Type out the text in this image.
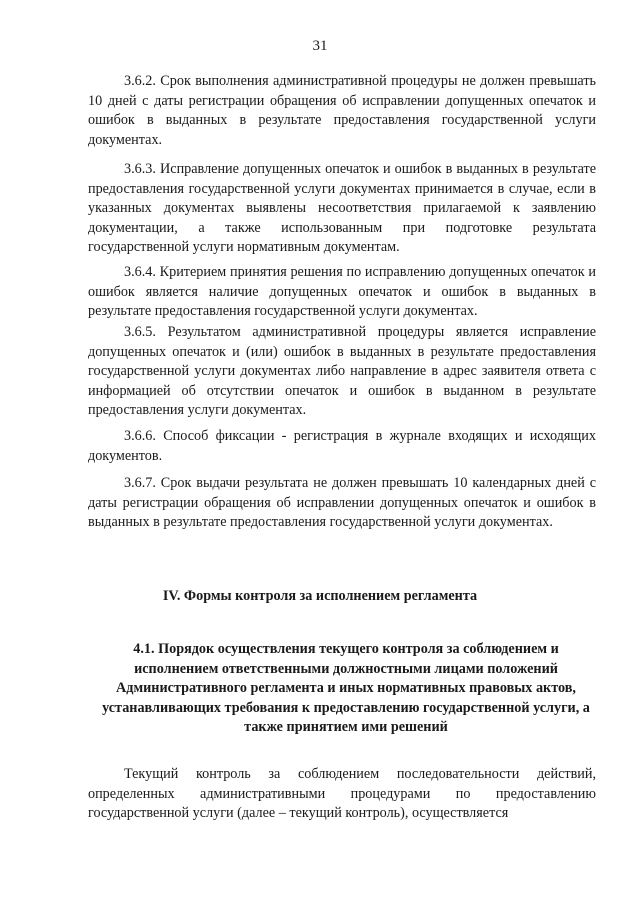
31

3.6.2. Срок выполнения административной процедуры не должен превышать 10 дней с даты регистрации обращения об исправлении допущенных опечаток и ошибок в выданных в результате предоставления государственной услуги документах.

3.6.3. Исправление допущенных опечаток и ошибок в выданных в результате предоставления государственной услуги документах принимается в случае, если в указанных документах выявлены несоответствия прилагаемой к заявлению документации, а также использованным при подготовке результата государственной услуги нормативным документам.

3.6.4. Критерием принятия решения по исправлению допущенных опечаток и ошибок является наличие допущенных опечаток и ошибок в выданных в результате предоставления государственной услуги документах.

3.6.5. Результатом административной процедуры является исправление допущенных опечаток и (или) ошибок в выданных в результате предоставления государственной услуги документах либо направление в адрес заявителя ответа с информацией об отсутствии опечаток и ошибок в выданном в результате предоставления услуги документах.

3.6.6. Способ фиксации - регистрация в журнале входящих и исходящих документов.

3.6.7. Срок выдачи результата не должен превышать 10 календарных дней с даты регистрации обращения об исправлении допущенных опечаток и ошибок в выданных в результате предоставления государственной услуги документах.

IV. Формы контроля за исполнением регламента
4.1. Порядок осуществления текущего контроля за соблюдением и исполнением ответственными должностными лицами положений Административного регламента и иных нормативных правовых актов, устанавливающих требования к предоставлению государственной услуги, а также принятием ими решений

Текущий контроль за соблюдением последовательности действий, определенных административными процедурами по предоставлению государственной услуги (далее – текущий контроль), осуществляется
